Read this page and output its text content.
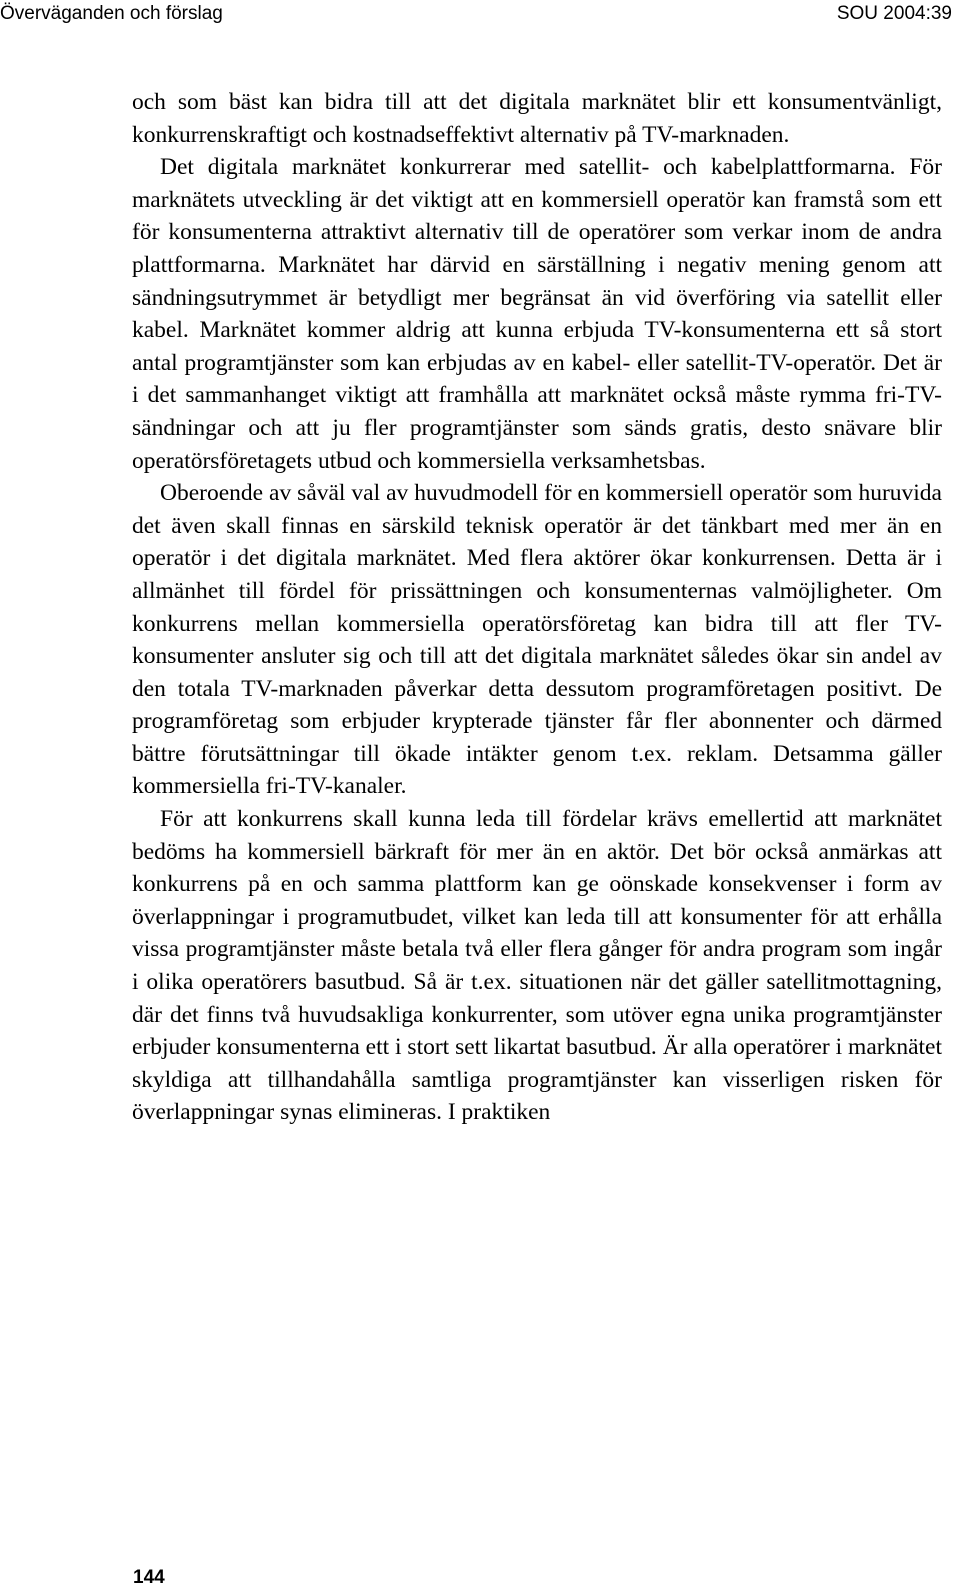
Överväganden och förslag	SOU 2004:39

och som bäst kan bidra till att det digitala marknätet blir ett konsumentvänligt, konkurrenskraftigt och kostnadseffektivt alternativ på TV-marknaden.

Det digitala marknätet konkurrerar med satellit- och kabelplattformarna. För marknätets utveckling är det viktigt att en kommersiell operatör kan framstå som ett för konsumenterna attraktivt alternativ till de operatörer som verkar inom de andra plattformarna. Marknätet har därvid en särställning i negativ mening genom att sändningsutrymmet är betydligt mer begränsat än vid överföring via satellit eller kabel. Marknätet kommer aldrig att kunna erbjuda TV-konsumenterna ett så stort antal programtjänster som kan erbjudas av en kabel- eller satellit-TV-operatör. Det är i det sammanhanget viktigt att framhålla att marknätet också måste rymma fri-TV-sändningar och att ju fler programtjänster som sänds gratis, desto snävare blir operatörsföretagets utbud och kommersiella verksamhetsbas.

Oberoende av såväl val av huvudmodell för en kommersiell operatör som huruvida det även skall finnas en särskild teknisk operatör är det tänkbart med mer än en operatör i det digitala marknätet. Med flera aktörer ökar konkurrensen. Detta är i allmänhet till fördel för prissättningen och konsumenternas valmöjligheter. Om konkurrens mellan kommersiella operatörsföretag kan bidra till att fler TV-konsumenter ansluter sig och till att det digitala marknätet således ökar sin andel av den totala TV-marknaden påverkar detta dessutom programföretagen positivt. De programföretag som erbjuder krypterade tjänster får fler abonnenter och därmed bättre förutsättningar till ökade intäkter genom t.ex. reklam. Detsamma gäller kommersiella fri-TV-kanaler.

För att konkurrens skall kunna leda till fördelar krävs emellertid att marknätet bedöms ha kommersiell bärkraft för mer än en aktör. Det bör också anmärkas att konkurrens på en och samma plattform kan ge oönskade konsekvenser i form av överlappningar i programutbudet, vilket kan leda till att konsumenter för att erhålla vissa programtjänster måste betala två eller flera gånger för andra program som ingår i olika operatörers basutbud. Så är t.ex. situationen när det gäller satellitmottagning, där det finns två huvudsakliga konkurrenter, som utöver egna unika programtjänster erbjuder konsumenterna ett i stort sett likartat basutbud. Är alla operatörer i marknätet skyldiga att tillhandahålla samtliga programtjänster kan visserligen risken för överlappningar synas elimineras. I praktiken

144
